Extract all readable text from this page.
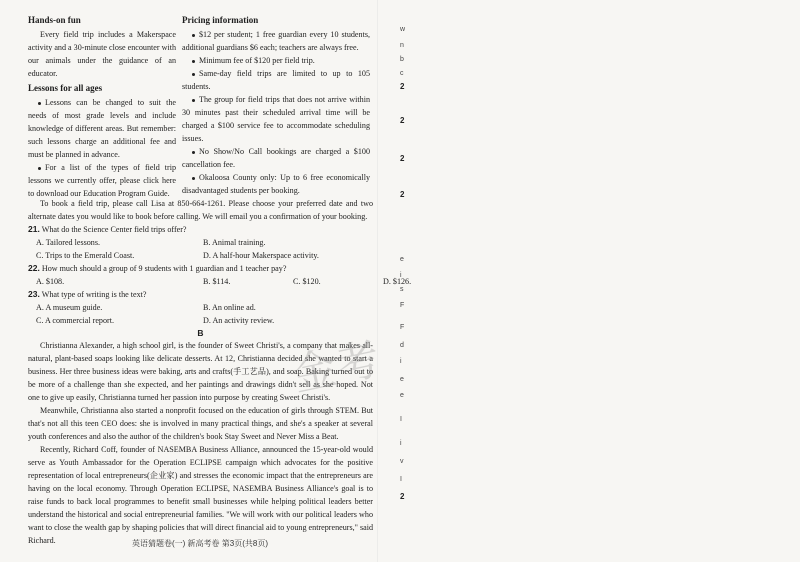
Hands-on fun

Every field trip includes a Makerspace activity and a 30-minute close encounter with our animals under the guidance of an educator.

Lessons for all ages

Lessons can be changed to suit the needs of most grade levels and include knowledge of different areas. But remember: such lessons charge an additional fee and must be planned in advance.

For a list of the types of field trip lessons we currently offer, please click here to download our Education Program Guide.

Pricing information

$12 per student; 1 free guardian every 10 students, additional guardians $6 each; teachers are always free.

Minimum fee of $120 per field trip.

Same-day field trips are limited to up to 105 students.

The group for field trips that does not arrive within 30 minutes past their scheduled arrival time will be charged a $100 service fee to accommodate scheduling issues.

No Show/No Call bookings are charged a $100 cancellation fee.

Okaloosa County only: Up to 6 free economically disadvantaged students per booking.

To book a field trip, please call Lisa at 850-664-1261. Please choose your preferred date and two alternate dates you would like to book before calling. We will email you a confirmation of your booking.

21. What do the Science Center field trips offer?
A. Tailored lessons.	B. Animal training.
C. Trips to the Emerald Coast.	D. A half-hour Makerspace activity.
22. How much should a group of 9 students with 1 guardian and 1 teacher pay?
A. $108.	B. $114.	C. $120.	D. $126.
23. What type of writing is the text?
A. A museum guide.	B. An online ad.
C. A commercial report.	D. An activity review.
B

Christianna Alexander, a high school girl, is the founder of Sweet Christi's, a company that makes all-natural, plant-based soaps looking like delicate desserts. At 12, Christianna decided she wanted to start a business. Her three business ideas were baking, arts and crafts(手工艺品), and soap. Baking turned out to be more of a challenge than she expected, and her paintings and drawings didn't sell as she hoped. Not one to give up easily, Christianna turned her passion into purpose by creating Sweet Christi's.

Meanwhile, Christianna also started a nonprofit focused on the education of girls through STEM. But that's not all this teen CEO does: she is involved in many practical things, and she's a speaker at several youth conferences and also the author of the children's book Stay Sweet and Never Miss a Beat.

Recently, Richard Coff, founder of NASEMBA Business Alliance, announced the 15-year-old would serve as Youth Ambassador for the Operation ECLIPSE campaign which advocates for the positive representation of local entrepreneurs(企业家) and stresses the economic impact that the entrepreneurs are having on the local economy. Through Operation ECLIPSE, NASEMBA Business Alliance's goal is to raise funds to back local programmes to benefit small businesses while helping political leaders better understand the historical and social entrepreneurial families. "We will work with our political leaders who want to close the wealth gap by shaping policies that will direct financial aid to young entrepreneurs," said Richard.

金考
w
n
b
c
2
2
2
2
e
i
s
F
F
d
i
e
e
I
i
v
I
2
英语猜题卷(一) 新高考卷 第3页(共8页)
